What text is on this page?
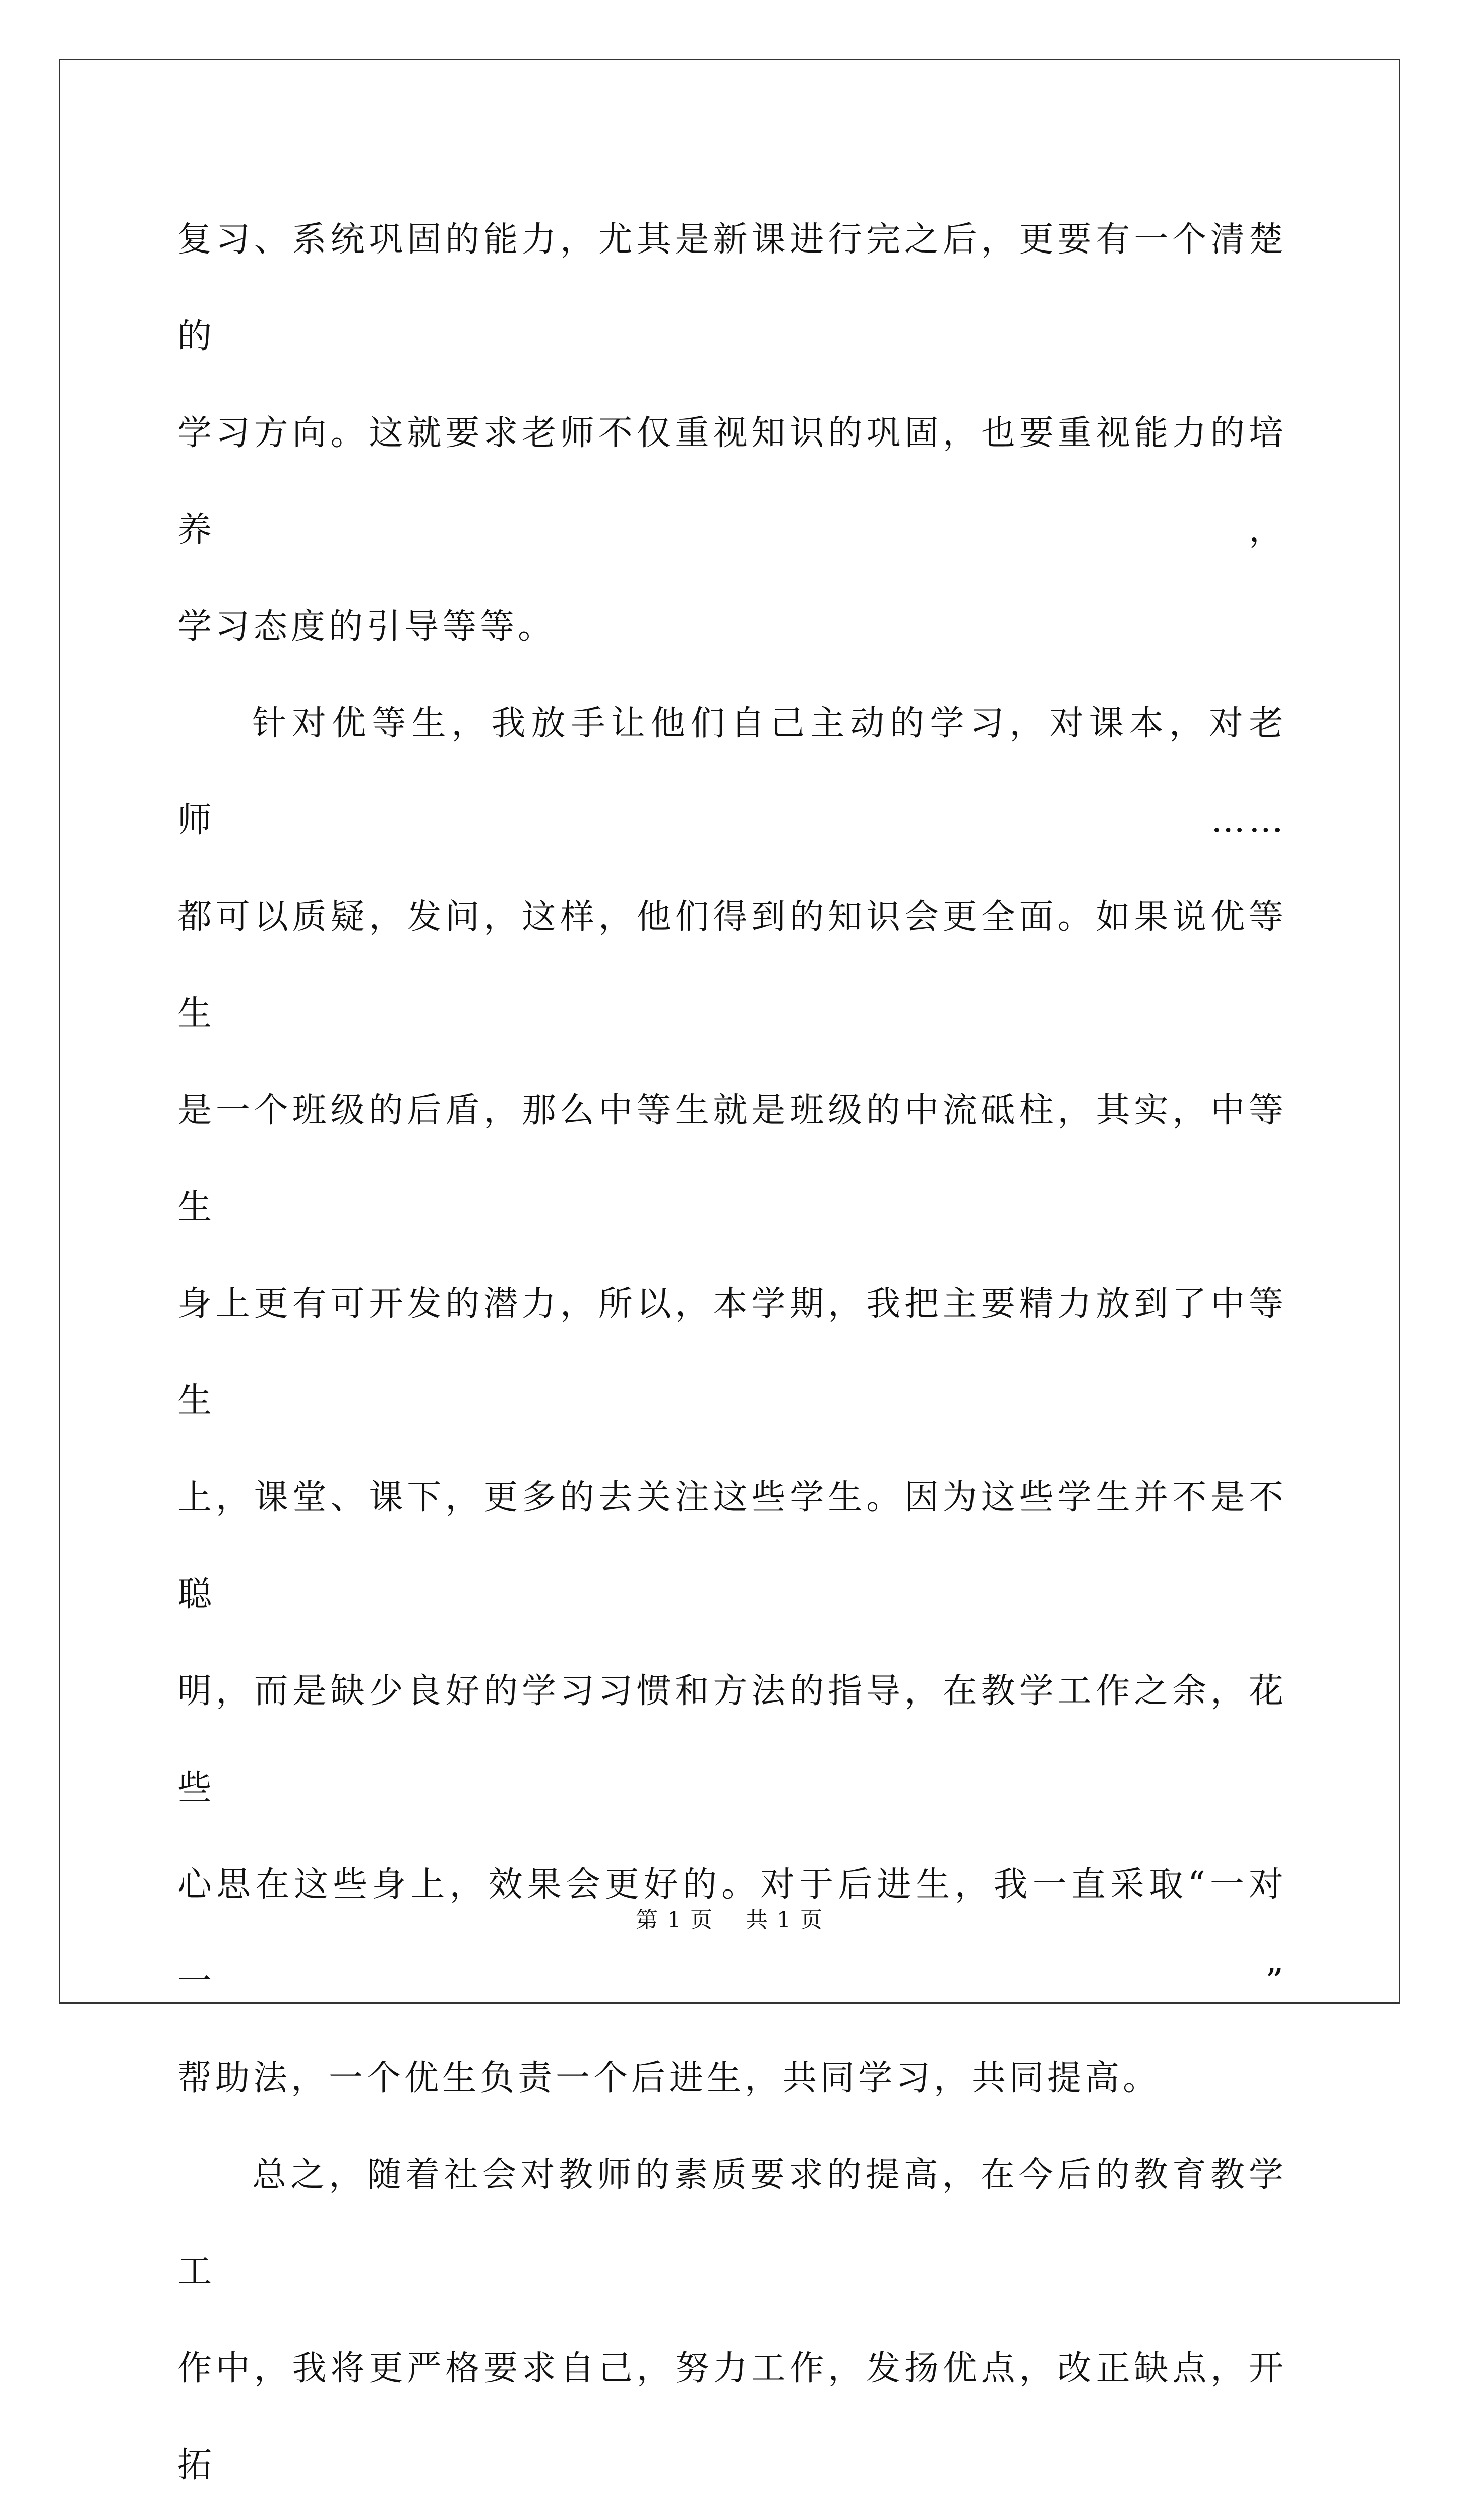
复习、系统巩固的能力，尤其是新课进行完之后，更要有一个清楚的

学习方向。这就要求老师不仅重视知识的巩固，也要重视能力的培养，

学习态度的引导等等。

针对优等生，我放手让他们自己主动的学习，对课本，对老师……

都可以质疑，发问，这样，他们得到的知识会更全面。如果说优等生

是一个班级的后盾，那么中等生就是班级的中流砥柱，其实，中等生

身上更有可开发的潜力，所以，本学期，我把主要精力放到了中等生

上，课堂、课下，更多的去关注这些学生。因为这些学生并不是不聪

明，而是缺少良好的学习习惯和方法的指导，在教学工作之余，花些

心思在这些身上，效果会更好的。对于后进生，我一直采取“一对一”

帮助法，一个优生负责一个后进生，共同学习，共同提高。

总之，随着社会对教师的素质要求的提高，在今后的教育教学工

作中，我将更严格要求自己，努力工作，发扬优点，改正缺点，开拓

第 1 页    共 1 页
